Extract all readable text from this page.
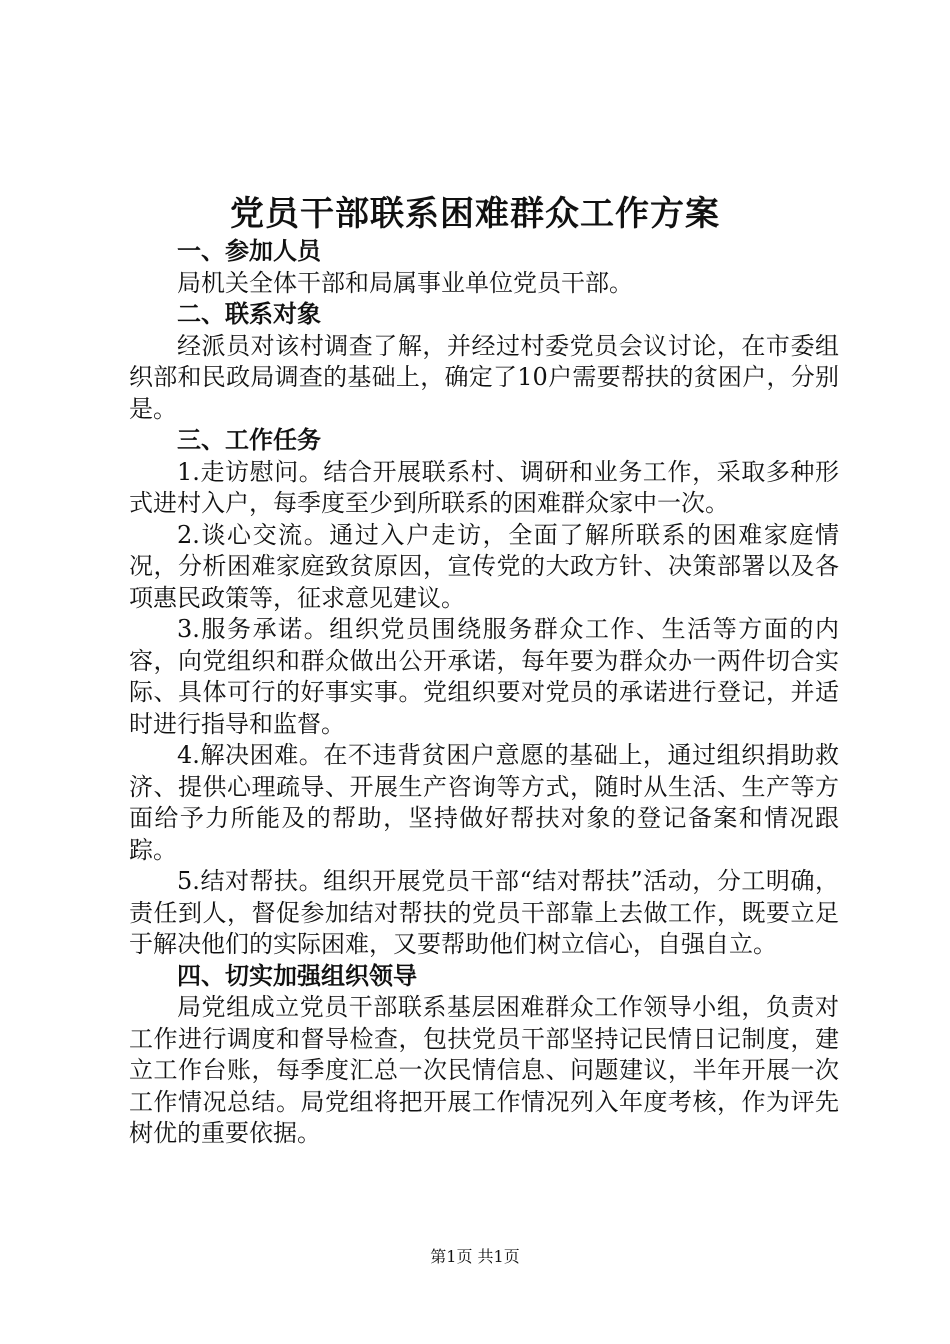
党员干部联系困难群众工作方案
一、参加人员

局机关全体干部和局属事业单位党员干部。

二、联系对象

经派员对该村调查了解，并经过村委党员会议讨论，在市委组织部和民政局调查的基础上，确定了10户需要帮扶的贫困户，分别是。

三、工作任务

1.走访慰问。结合开展联系村、调研和业务工作，采取多种形式进村入户，每季度至少到所联系的困难群众家中一次。

2.谈心交流。通过入户走访，全面了解所联系的困难家庭情况，分析困难家庭致贫原因，宣传党的大政方针、决策部署以及各项惠民政策等，征求意见建议。

3.服务承诺。组织党员围绕服务群众工作、生活等方面的内容，向党组织和群众做出公开承诺，每年要为群众办一两件切合实际、具体可行的好事实事。党组织要对党员的承诺进行登记，并适时进行指导和监督。

4.解决困难。在不违背贫困户意愿的基础上，通过组织捐助救济、提供心理疏导、开展生产咨询等方式，随时从生活、生产等方面给予力所能及的帮助，坚持做好帮扶对象的登记备案和情况跟踪。

5.结对帮扶。组织开展党员干部“结对帮扶”活动，分工明确，责任到人，督促参加结对帮扶的党员干部靠上去做工作，既要立足于解决他们的实际困难，又要帮助他们树立信心，自强自立。

四、切实加强组织领导

局党组成立党员干部联系基层困难群众工作领导小组，负责对工作进行调度和督导检查，包扶党员干部坚持记民情日记制度，建立工作台账，每季度汇总一次民情信息、问题建议，半年开展一次工作情况总结。局党组将把开展工作情况列入年度考核，作为评先树优的重要依据。

第1页 共1页
